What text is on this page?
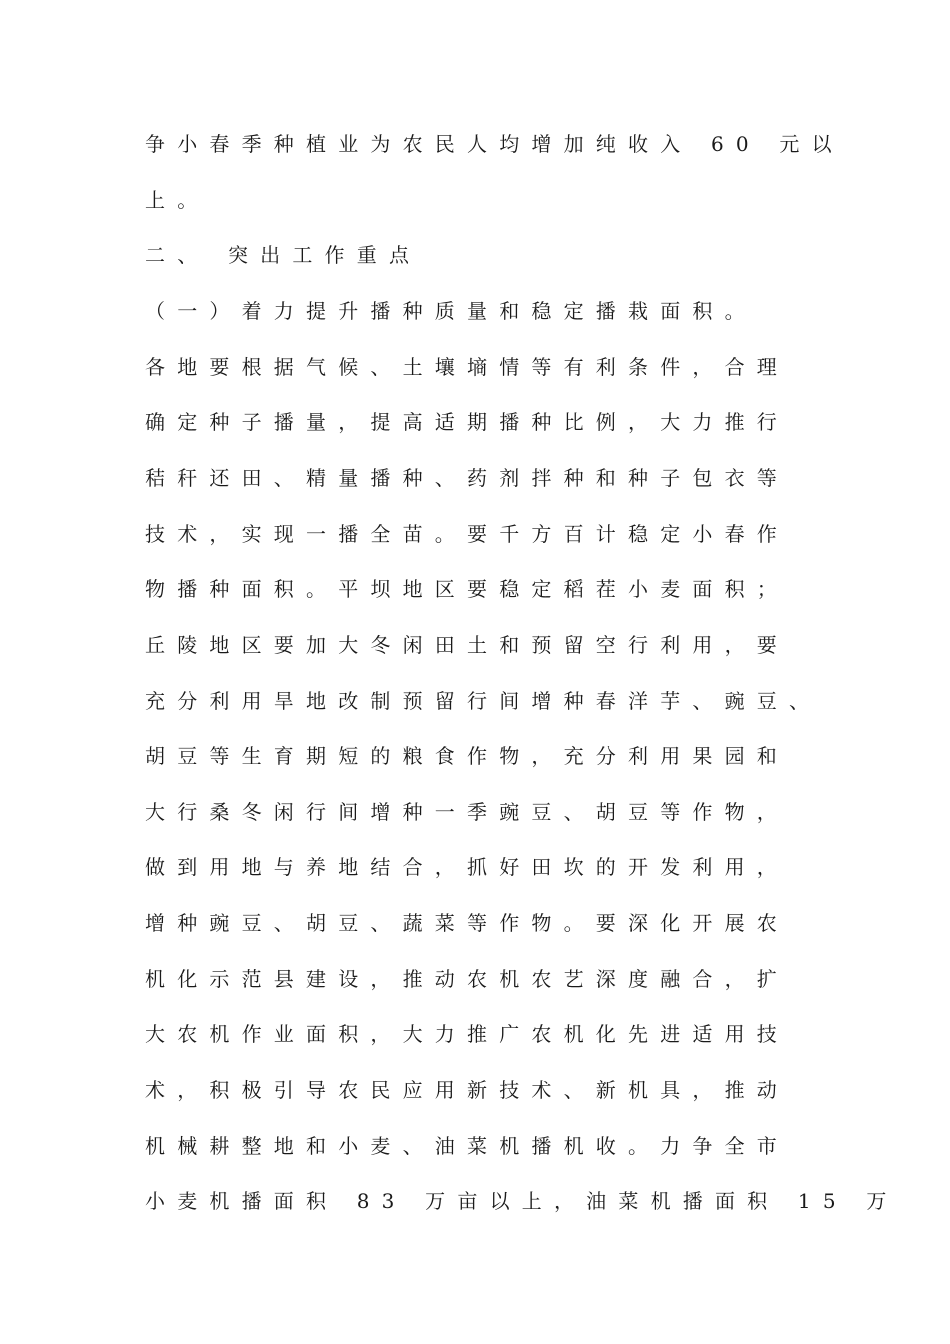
争小春季种植业为农民人均增加纯收入 60 元以
上。
二、 突出工作重点
（一）着力提升播种质量和稳定播栽面积。
各地要根据气候、土壤墒情等有利条件，合理
确定种子播量，提高适期播种比例，大力推行
秸秆还田、精量播种、药剂拌种和种子包衣等
技术，实现一播全苗。要千方百计稳定小春作
物播种面积。平坝地区要稳定稻茬小麦面积；
丘陵地区要加大冬闲田土和预留空行利用，要
充分利用旱地改制预留行间增种春洋芋、豌豆、
胡豆等生育期短的粮食作物，充分利用果园和
大行桑冬闲行间增种一季豌豆、胡豆等作物，
做到用地与养地结合，抓好田坎的开发利用，
增种豌豆、胡豆、蔬菜等作物。要深化开展农
机化示范县建设，推动农机农艺深度融合，扩
大农机作业面积，大力推广农机化先进适用技
术，积极引导农民应用新技术、新机具，推动
机械耕整地和小麦、油菜机播机收。力争全市
小麦机播面积 83 万亩以上，油菜机播面积 15 万
